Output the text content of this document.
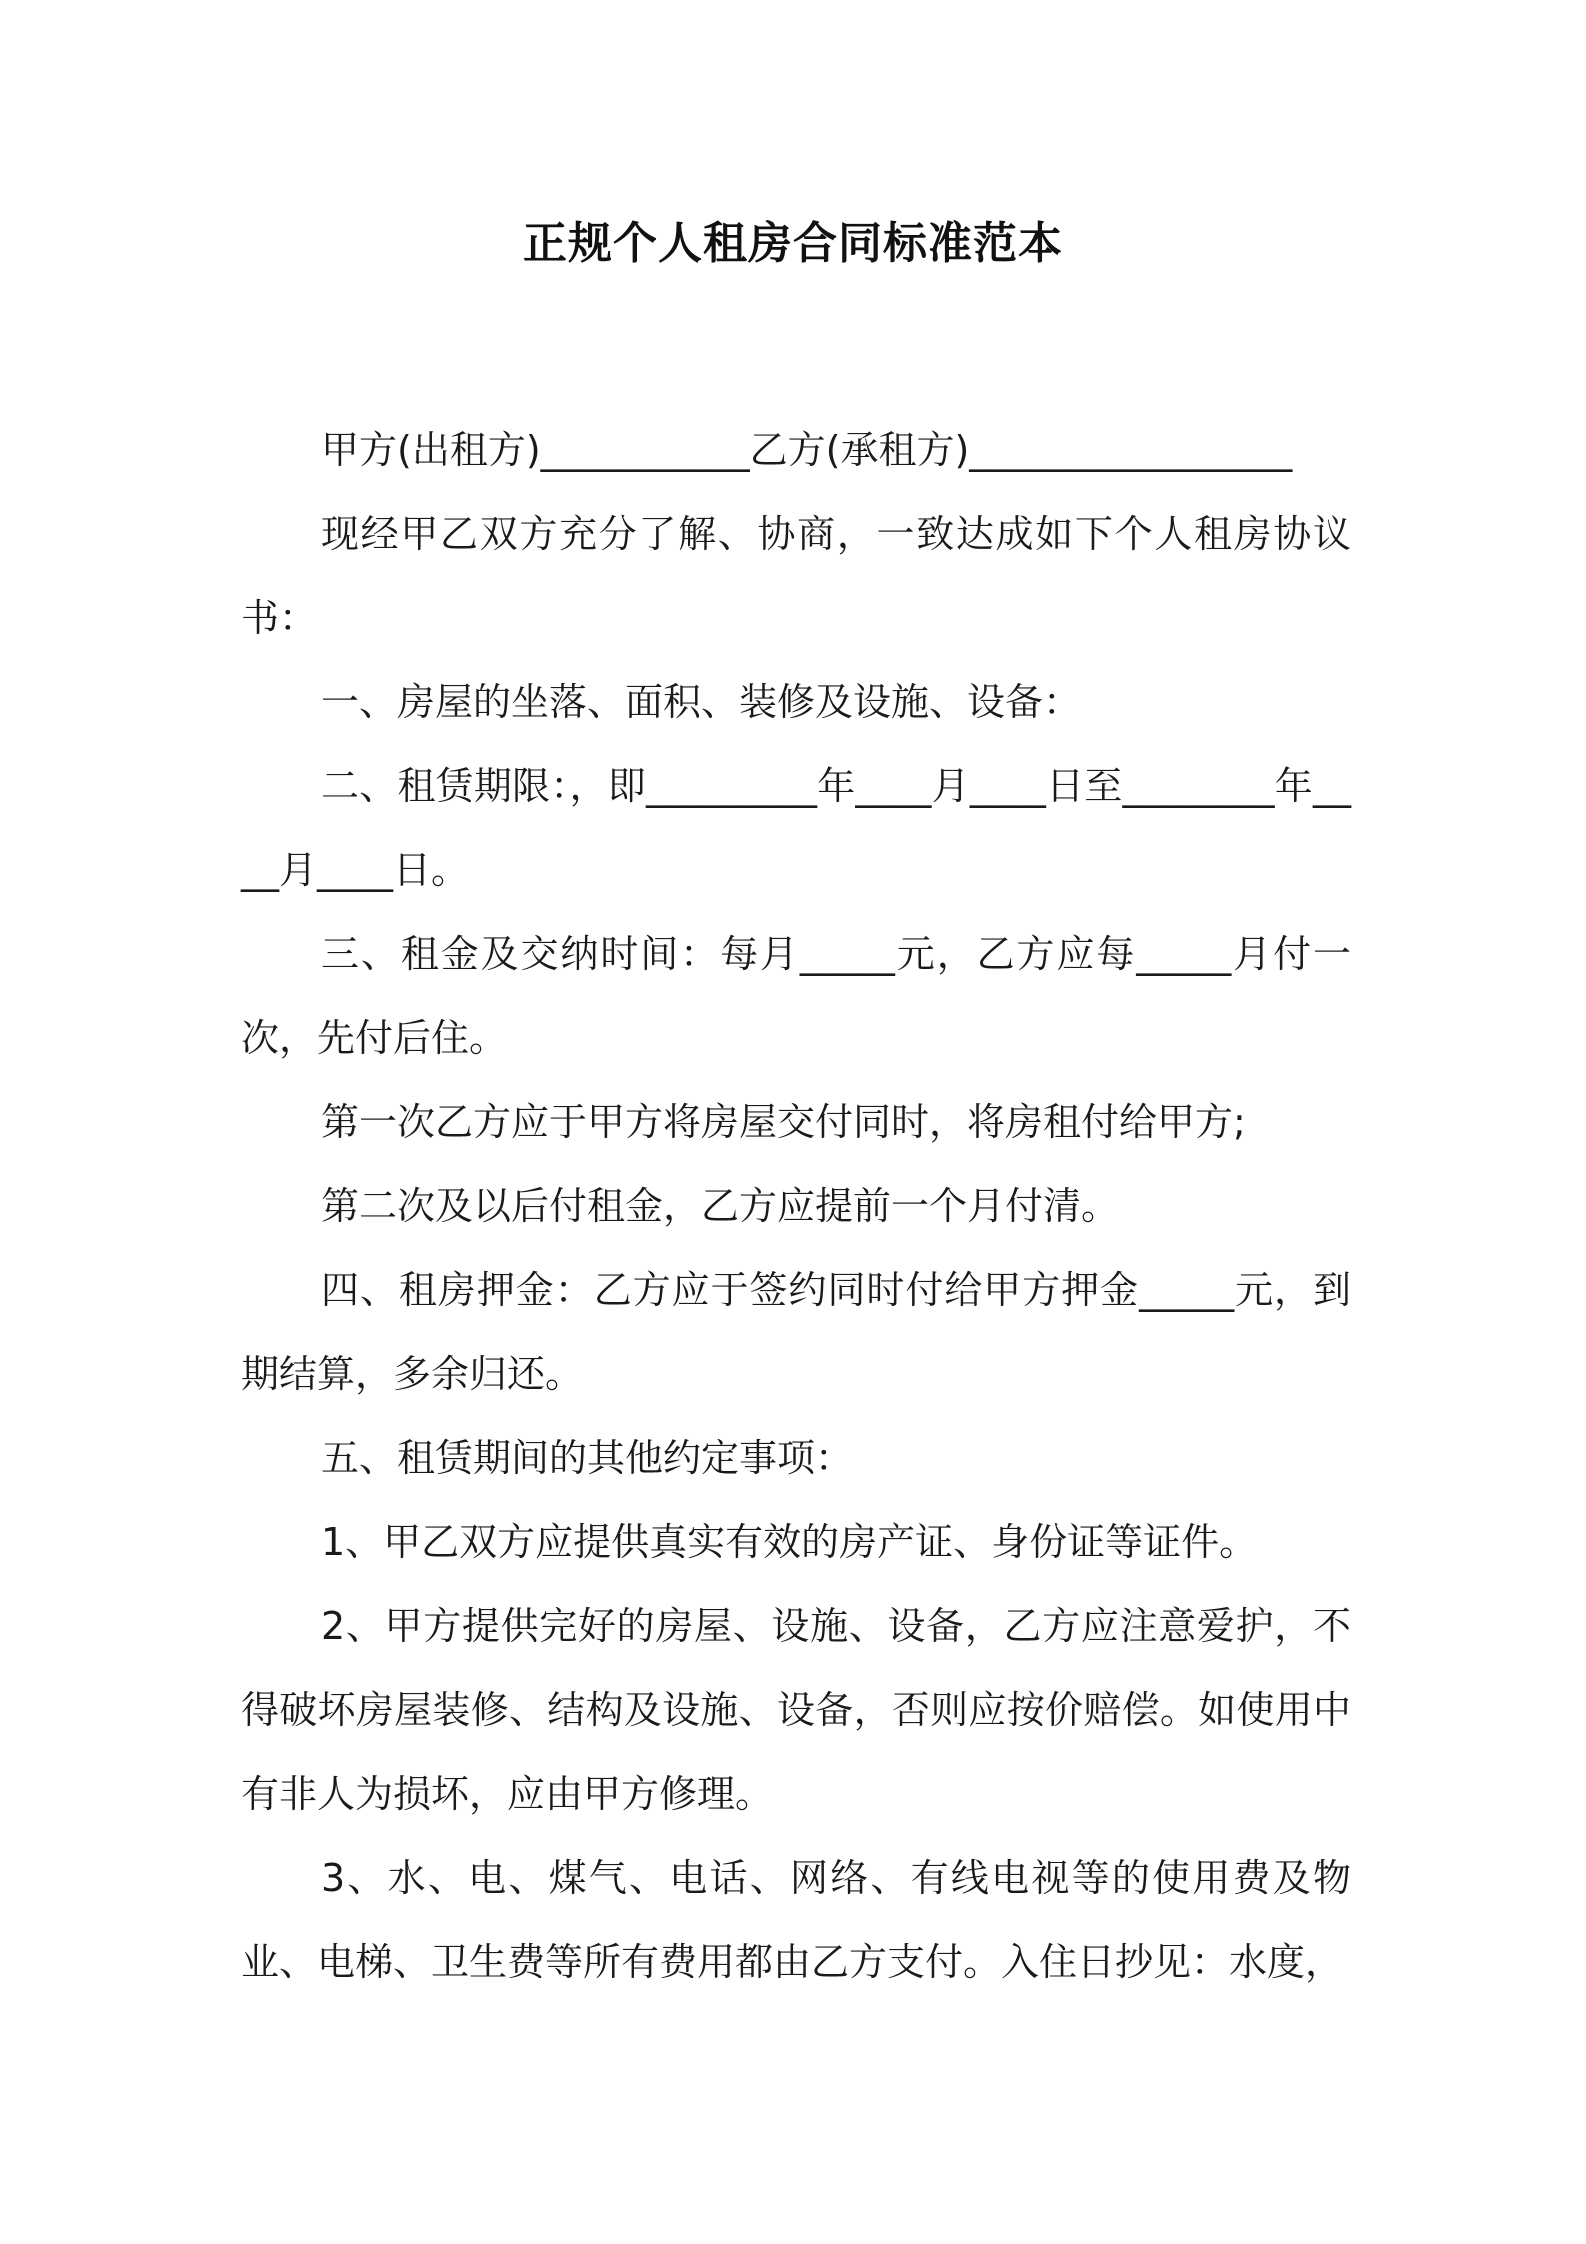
正规个人租房合同标准范本

甲方(出租方)___________乙方(承租方)_________________

现经甲乙双方充分了解、协商，一致达成如下个人租房协议书：

一、房屋的坐落、面积、装修及设施、设备：

二、租赁期限：，即_________年____月____日至________年____月____日。

三、租金及交纳时间：每月_____元，乙方应每_____月付一次，先付后住。

第一次乙方应于甲方将房屋交付同时，将房租付给甲方;

第二次及以后付租金，乙方应提前一个月付清。

四、租房押金：乙方应于签约同时付给甲方押金_____元，到期结算，多余归还。

五、租赁期间的其他约定事项：

1、甲乙双方应提供真实有效的房产证、身份证等证件。

2、甲方提供完好的房屋、设施、设备，乙方应注意爱护，不得破坏房屋装修、结构及设施、设备，否则应按价赔偿。如使用中有非人为损坏，应由甲方修理。

3、水、电、煤气、电话、网络、有线电视等的使用费及物业、电梯、卫生费等所有费用都由乙方支付。入住日抄见：水度，
